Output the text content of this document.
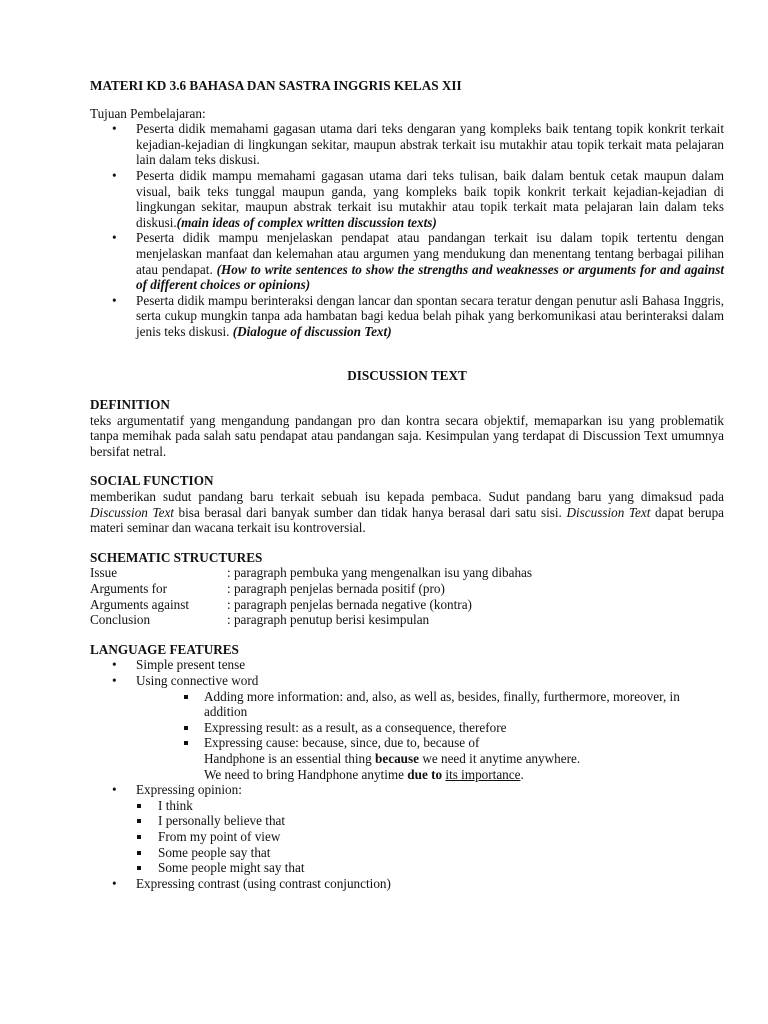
MATERI KD 3.6 BAHASA DAN SASTRA INGGRIS KELAS XII

Tujuan Pembelajaran:

• Peserta didik memahami gagasan utama dari teks dengaran yang kompleks baik tentang topik konkrit terkait kejadian-kejadian di lingkungan sekitar, maupun abstrak terkait isu mutakhir atau topik terkait mata pelajaran lain dalam teks diskusi.
• Peserta didik mampu memahami gagasan utama dari teks tulisan, baik dalam bentuk cetak maupun dalam visual, baik teks tunggal maupun ganda, yang kompleks baik topik konkrit terkait kejadian-kejadian di lingkungan sekitar, maupun abstrak terkait isu mutakhir atau topik terkait mata pelajaran lain dalam teks diskusi.(main ideas of complex written discussion texts)
• Peserta didik mampu menjelaskan pendapat atau pandangan terkait isu dalam topik tertentu dengan menjelaskan manfaat dan kelemahan atau argumen yang mendukung dan menentang tentang berbagai pilihan atau pendapat. (How to write sentences to show the strengths and weaknesses or arguments for and against of different choices or opinions)
• Peserta didik mampu berinteraksi dengan lancar dan spontan secara teratur dengan penutur asli Bahasa Inggris, serta cukup mungkin tanpa ada hambatan bagi kedua belah pihak yang berkomunikasi atau berinteraksi dalam jenis teks diskusi. (Dialogue of discussion Text)

DISCUSSION TEXT

DEFINITION

teks argumentatif yang mengandung pandangan pro dan kontra secara objektif, memaparkan isu yang problematik tanpa memihak pada salah satu pendapat atau pandangan saja. Kesimpulan yang terdapat di Discussion Text umumnya bersifat netral.

SOCIAL FUNCTION

memberikan sudut pandang baru terkait sebuah isu kepada pembaca. Sudut pandang baru yang dimaksud pada Discussion Text bisa berasal dari banyak sumber dan tidak hanya berasal dari satu sisi. Discussion Text dapat berupa materi seminar dan wacana terkait isu kontroversial.

SCHEMATIC STRUCTURES

Issue	: paragraph pembuka yang mengenalkan isu yang dibahas
Arguments for	: paragraph penjelas bernada positif (pro)
Arguments against	: paragraph penjelas bernada negative (kontra)
Conclusion	: paragraph penutup berisi kesimpulan

LANGUAGE FEATURES

• Simple present tense
• Using connective word
Adding more information: and, also, as well as, besides, finally, furthermore, moreover, in addition
Expressing result: as a result, as a consequence, therefore
Expressing cause: because, since, due to, because of
Handphone is an essential thing because we need it anytime anywhere.
We need to bring Handphone anytime due to its importance.
• Expressing opinion:
I think
I personally believe that
From my point of view
Some people say that
Some people might say that
• Expressing contrast (using contrast conjunction)
